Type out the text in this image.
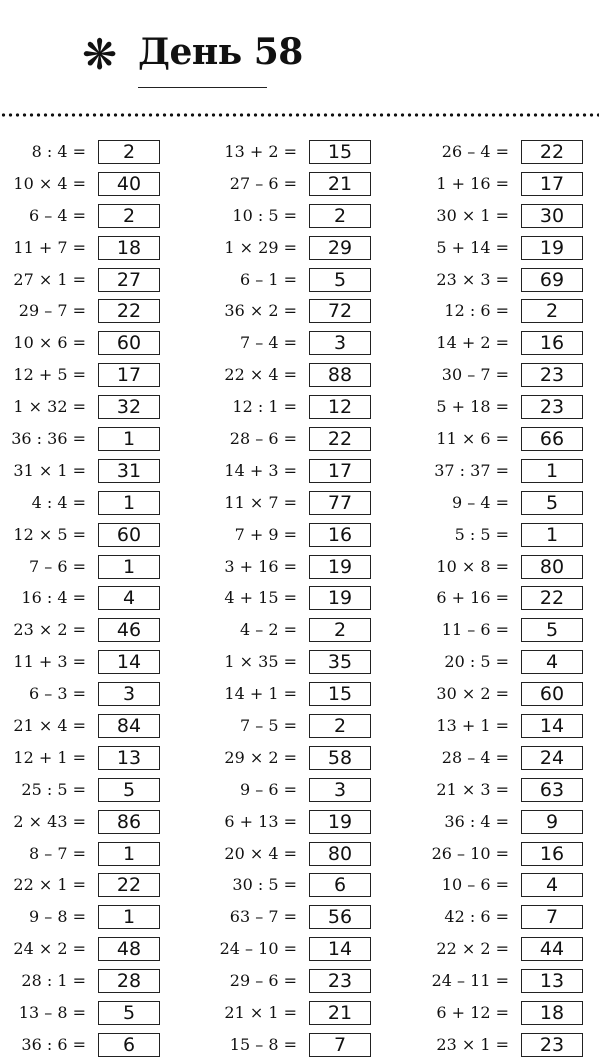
❋ День 58
8 : 4 =	2
10 × 4 =	40
6 – 4 =	2
11 + 7 =	18
27 × 1 =	27
29 – 7 =	22
10 × 6 =	60
12 + 5 =	17
1 × 32 =	32
36 : 36 =	1
31 × 1 =	31
4 : 4 =	1
12 × 5 =	60
7 – 6 =	1
16 : 4 =	4
23 × 2 =	46
11 + 3 =	14
6 – 3 =	3
21 × 4 =	84
12 + 1 =	13
25 : 5 =	5
2 × 43 =	86
8 – 7 =	1
22 × 1 =	22
9 – 8 =	1
24 × 2 =	48
28 : 1 =	28
13 – 8 =	5
36 : 6 =	6
13 + 2 =	15
27 – 6 =	21
10 : 5 =	2
1 × 29 =	29
6 – 1 =	5
36 × 2 =	72
7 – 4 =	3
22 × 4 =	88
12 : 1 =	12
28 – 6 =	22
14 + 3 =	17
11 × 7 =	77
7 + 9 =	16
3 + 16 =	19
4 + 15 =	19
4 – 2 =	2
1 × 35 =	35
14 + 1 =	15
7 – 5 =	2
29 × 2 =	58
9 – 6 =	3
6 + 13 =	19
20 × 4 =	80
30 : 5 =	6
63 – 7 =	56
24 – 10 =	14
29 – 6 =	23
21 × 1 =	21
15 – 8 =	7
26 – 4 =	22
1 + 16 =	17
30 × 1 =	30
5 + 14 =	19
23 × 3 =	69
12 : 6 =	2
14 + 2 =	16
30 – 7 =	23
5 + 18 =	23
11 × 6 =	66
37 : 37 =	1
9 – 4 =	5
5 : 5 =	1
10 × 8 =	80
6 + 16 =	22
11 – 6 =	5
20 : 5 =	4
30 × 2 =	60
13 + 1 =	14
28 – 4 =	24
21 × 3 =	63
36 : 4 =	9
26 – 10 =	16
10 – 6 =	4
42 : 6 =	7
22 × 2 =	44
24 – 11 =	13
6 + 12 =	18
23 × 1 =	23
